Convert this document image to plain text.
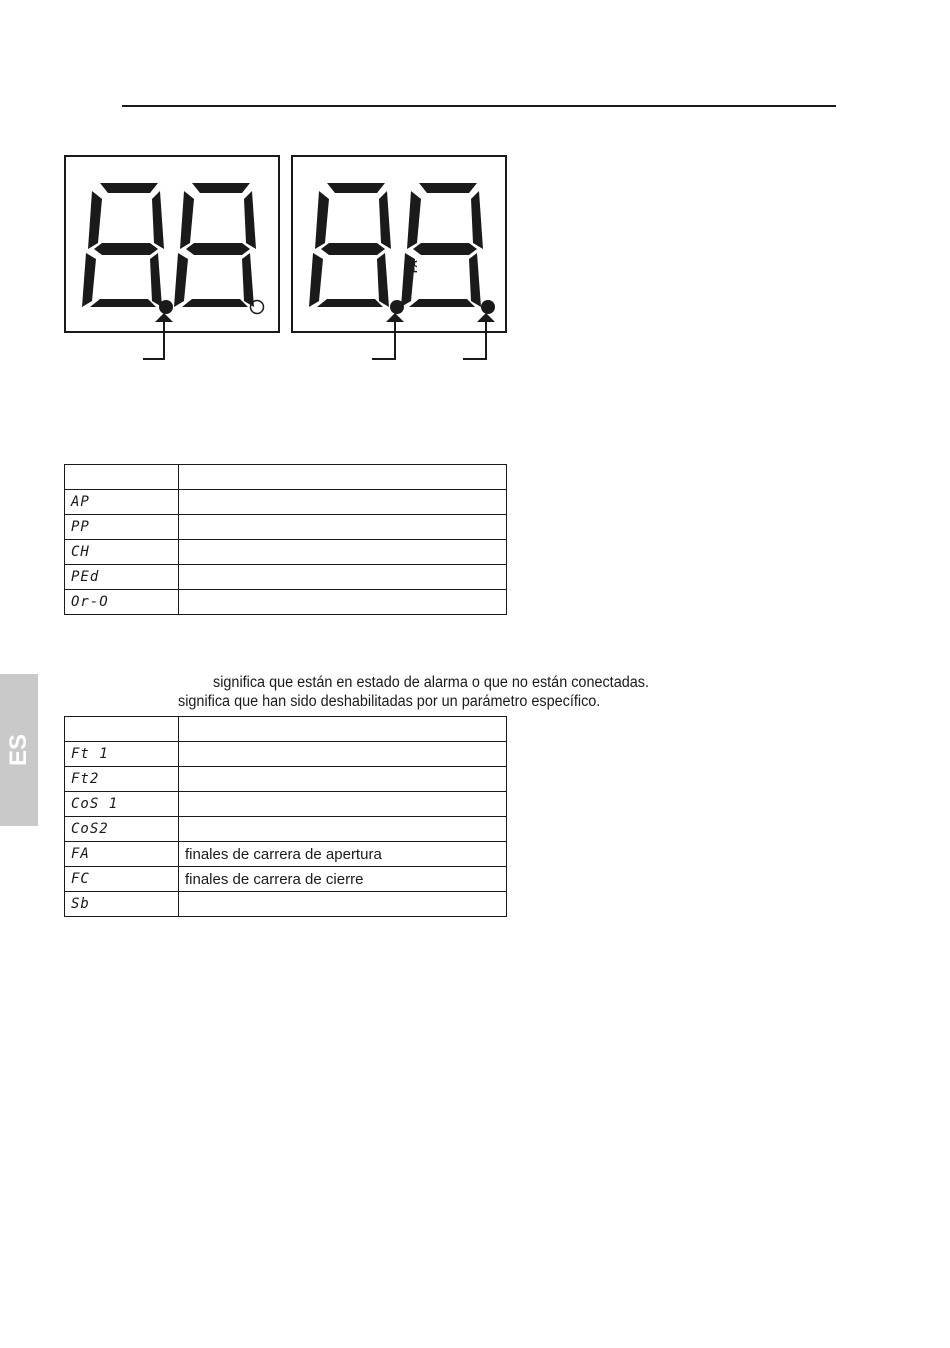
FA	FC

AP	
PP	
CH	
PEd	
Or-O	
significa que están en estado de alarma o que no están conectadas.
significa que han sido deshabilitadas por un parámetro específico.

Ft 1	
Ft2	
CoS 1	
CoS2	
FA	finales de carrera de apertura
FC	finales de carrera de cierre
Sb	
ES
